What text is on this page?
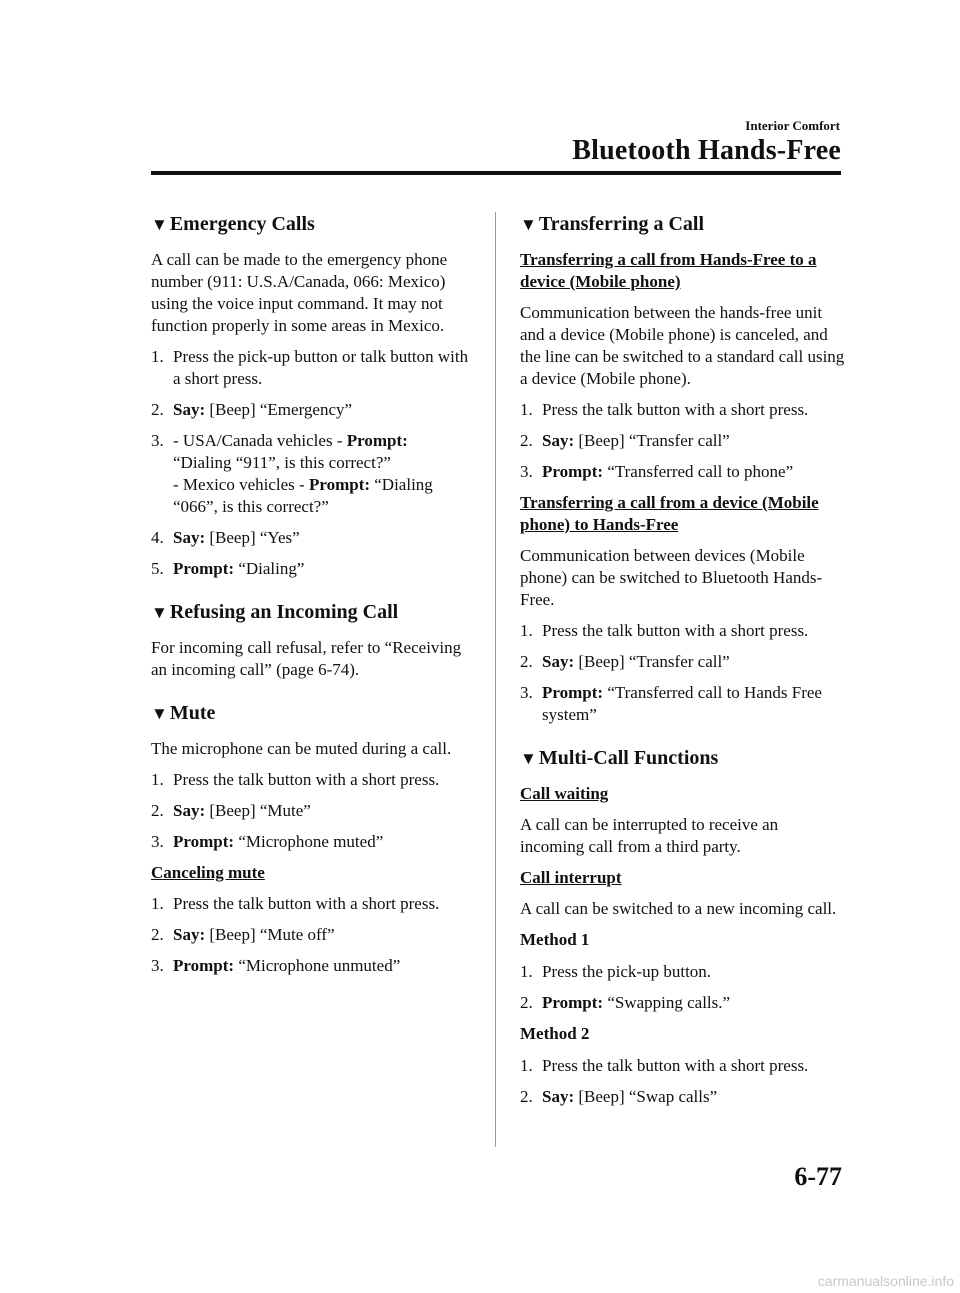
Interior Comfort
Bluetooth Hands-Free
▼ Emergency Calls

A call can be made to the emergency phone number (911: U.S.A/Canada, 066: Mexico) using the voice input command. It may not function properly in some areas in Mexico.

1. Press the pick-up button or talk button with a short press.
2. Say: [Beep] “Emergency”
3. - USA/Canada vehicles - Prompt:
“Dialing “911”, is this correct?”
- Mexico vehicles - Prompt: “Dialing “066”, is this correct?”
4. Say: [Beep] “Yes”
5. Prompt: “Dialing”
▼ Refusing an Incoming Call

For incoming call refusal, refer to “Receiving an incoming call” (page 6-74).

▼ Mute

The microphone can be muted during a call.

1. Press the talk button with a short press.
2. Say: [Beep] “Mute”
3. Prompt: “Microphone muted”
Canceling mute
1. Press the talk button with a short press.
2. Say: [Beep] “Mute off”
3. Prompt: “Microphone unmuted”
▼ Transferring a Call
Transferring a call from Hands-Free to a device (Mobile phone)

Communication between the hands-free unit and a device (Mobile phone) is canceled, and the line can be switched to a standard call using a device (Mobile phone).

1. Press the talk button with a short press.
2. Say: [Beep] “Transfer call”
3. Prompt: “Transferred call to phone”
Transferring a call from a device (Mobile phone) to Hands-Free

Communication between devices (Mobile phone) can be switched to Bluetooth Hands-Free.

1. Press the talk button with a short press.
2. Say: [Beep] “Transfer call”
3. Prompt: “Transferred call to Hands Free system”
▼ Multi-Call Functions
Call waiting

A call can be interrupted to receive an incoming call from a third party.

Call interrupt

A call can be switched to a new incoming call.

Method 1
1. Press the pick-up button.
2. Prompt: “Swapping calls.”
Method 2
1. Press the talk button with a short press.
2. Say: [Beep] “Swap calls”
6-77
carmanualsonline.info
